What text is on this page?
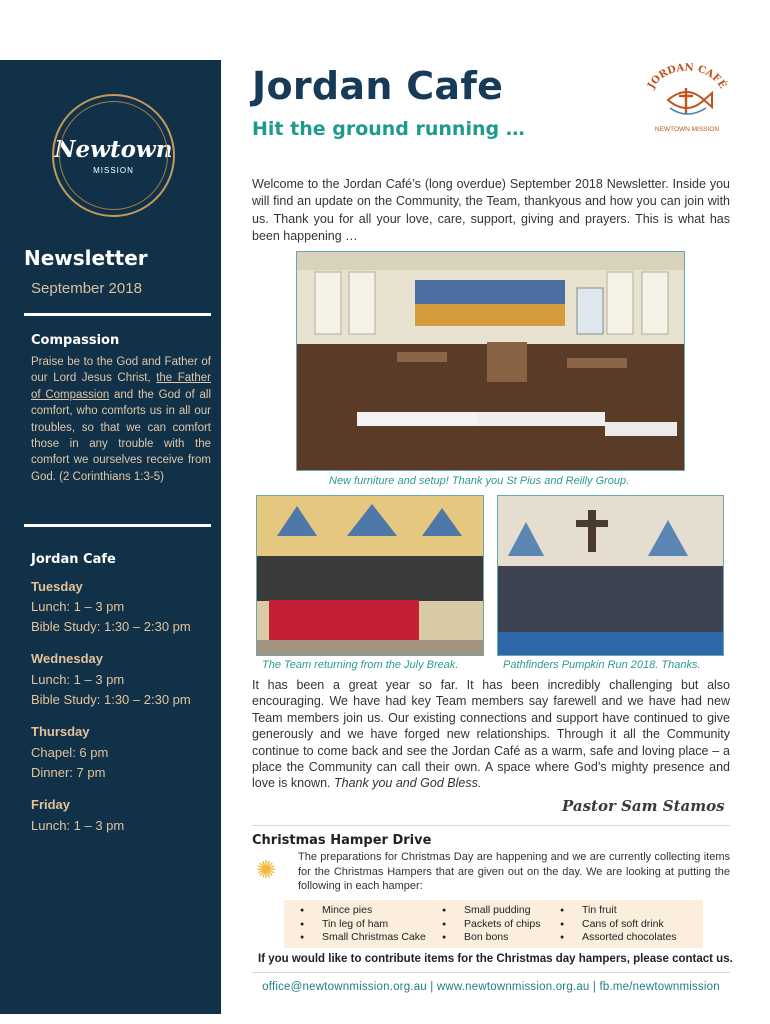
Newtown
MISSION
Newsletter
September 2018
Compassion
Praise be to the God and Father of our Lord Jesus Christ, the Father of Compassion and the God of all comfort, who comforts us in all our troubles, so that we can comfort those in any trouble with the comfort we ourselves receive from God. (2 Corinthians 1:3-5)
Jordan Cafe
Tuesday
Lunch: 1 – 3 pm
Bible Study: 1:30 – 2:30 pm
Wednesday
Lunch: 1 – 3 pm
Bible Study: 1:30 – 2:30 pm
Thursday
Chapel: 6 pm
Dinner: 7 pm
Friday
Lunch: 1 – 3 pm
Jordan Cafe
Hit the ground running …
JORDAN CAFÉ
NEWTOWN MISSION
Welcome to the Jordan Café’s (long overdue) September 2018 Newsletter. Inside you will find an update on the Community, the Team, thankyous and how you can join with us. Thank you for all your love, care, support, giving and prayers. This is what has been happening …
New furniture and setup! Thank you St Pius and Reilly Group.
The Team returning from the July Break.	Pathfinders Pumpkin Run 2018. Thanks.
It has been a great year so far. It has been incredibly challenging but also encouraging. We have had key Team members say farewell and we have had new Team members join us. Our existing connections and support have continued to give generously and we have forged new relationships. Through it all the Community continue to come back and see the Jordan Café as a warm, safe and loving place – a place the Community can call their own. A space where God’s mighty presence and love is known. Thank you and God Bless.
Pastor Sam Stamos
Christmas Hamper Drive
✺ The preparations for Christmas Day are happening and we are currently collecting items for the Christmas Hampers that are given out on the day. We are looking at putting the following in each hamper:
● Mince pies
● Tin leg of ham
● Small Christmas Cake
● Small pudding
● Packets of chips
● Bon bons
● Tin fruit
● Cans of soft drink
● Assorted chocolates
If you would like to contribute items for the Christmas day hampers, please contact us.
office@newtownmission.org.au | www.newtownmission.org.au | fb.me/newtownmission
